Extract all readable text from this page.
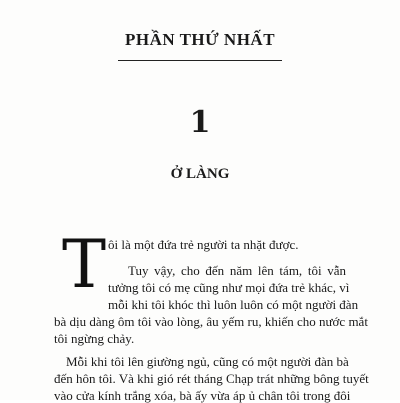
PHẦN THỨ NHẤT
1
Ở LÀNG
T ôi là một đứa trẻ người ta nhặt được.
Tuy vậy, cho đến năm lên tám, tôi vẫn
tưởng tôi có mẹ cũng như mọi đứa trẻ khác, vì
mỗi khi tôi khóc thì luôn luôn có một người đàn
bà dịu dàng ôm tôi vào lòng, âu yếm ru, khiến cho nước mắt
tôi ngừng chảy.
Mỗi khi tôi lên giường ngủ, cũng có một người đàn bà
đến hôn tôi. Và khi gió rét tháng Chạp trát những bông tuyết
vào cửa kính trắng xóa, bà ấy vừa áp ủ chân tôi trong đôi
